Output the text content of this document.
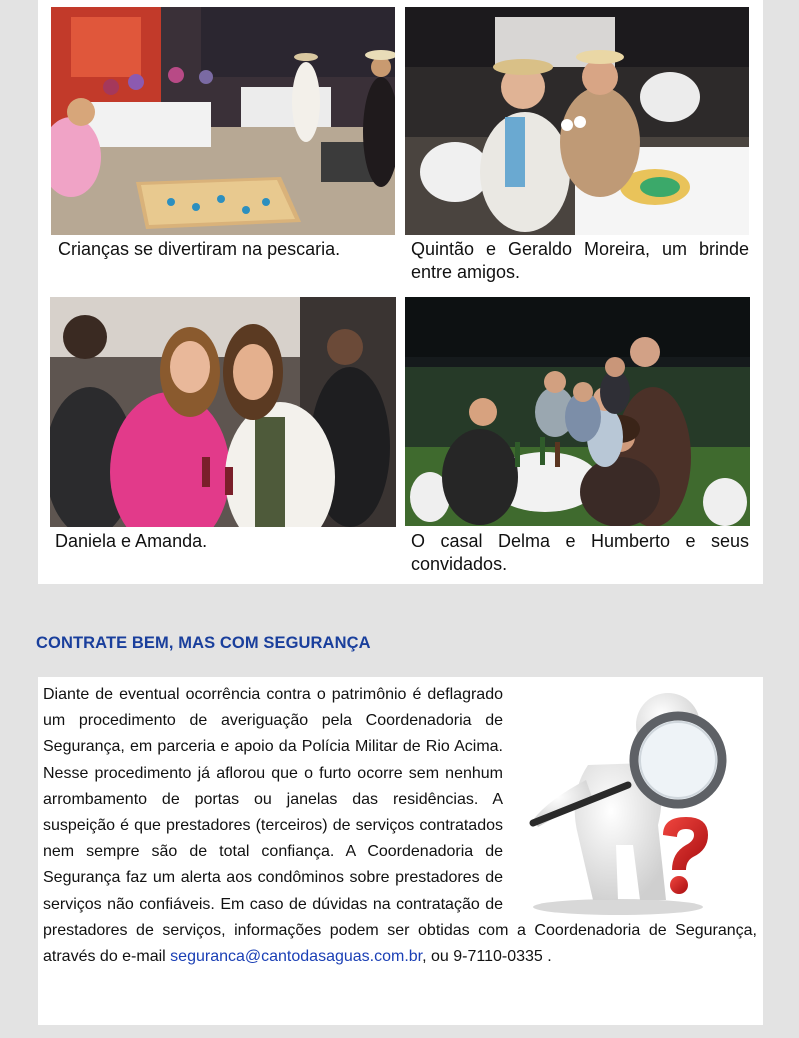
Crianças se divertiram na pescaria.	Quintão e Geraldo Moreira, um brinde entre amigos.
Daniela e Amanda.	O casal Delma e Humberto e seus convidados.
CONTRATE BEM, MAS COM SEGURANÇA

Diante de eventual ocorrência contra o patrimônio é deflagrado um procedimento de averiguação pela Coordenadoria de Segurança, em parceria e apoio da Polícia Militar de Rio Acima. Nesse procedimento já aflorou que o furto ocorre sem nenhum arrombamento de portas ou janelas das residências. A suspeição é que prestadores (terceiros) de serviços contratados nem sempre são de total confiança. A Coordenadoria de Segurança faz um alerta aos condôminos sobre prestadores de serviços não confiáveis. Em caso de dúvidas na contratação de prestadores de serviços, informações podem ser obtidas com a Coordenadoria de Segurança, através do e-mail seguranca@cantodasaguas.com.br, ou 9-7110-0335 .
